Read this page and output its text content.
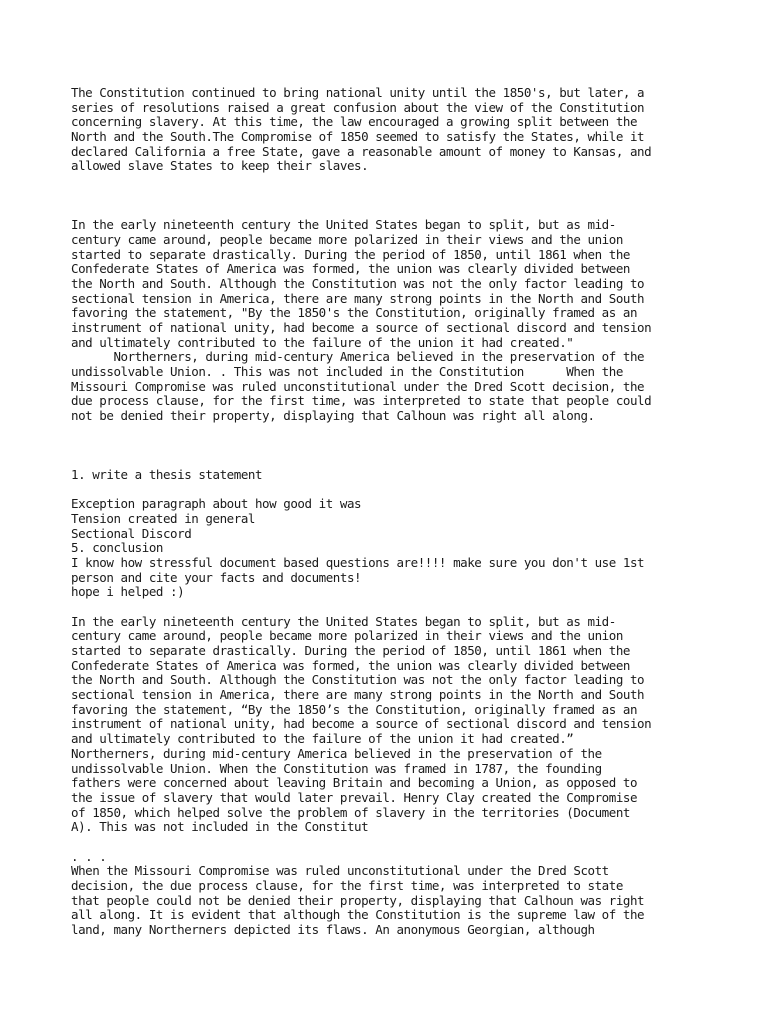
The Constitution continued to bring national unity until the 1850's, but later, a
series of resolutions raised a great confusion about the view of the Constitution
concerning slavery. At this time, the law encouraged a growing split between the
North and the South.The Compromise of 1850 seemed to satisfy the States, while it
declared California a free State, gave a reasonable amount of money to Kansas, and
allowed slave States to keep their slaves.
In the early nineteenth century the United States began to split, but as mid-
century came around, people became more polarized in their views and the union
started to separate drastically. During the period of 1850, until 1861 when the
Confederate States of America was formed, the union was clearly divided between
the North and South. Although the Constitution was not the only factor leading to
sectional tension in America, there are many strong points in the North and South
favoring the statement, "By the 1850's the Constitution, originally framed as an
instrument of national unity, had become a source of sectional discord and tension
and ultimately contributed to the failure of the union it had created."
Northerners, during mid-century America believed in the preservation of the
undissolvable Union. . This was not included in the Constitution      When the
Missouri Compromise was ruled unconstitutional under the Dred Scott decision, the
due process clause, for the first time, was interpreted to state that people could
not be denied their property, displaying that Calhoun was right all along.
1. write a thesis statement
Exception paragraph about how good it was
Tension created in general
Sectional Discord
5. conclusion
I know how stressful document based questions are!!!! make sure you don't use 1st
person and cite your facts and documents!
hope i helped :)
In the early nineteenth century the United States began to split, but as mid-
century came around, people became more polarized in their views and the union
started to separate drastically. During the period of 1850, until 1861 when the
Confederate States of America was formed, the union was clearly divided between
the North and South. Although the Constitution was not the only factor leading to
sectional tension in America, there are many strong points in the North and South
favoring the statement, “By the 1850’s the Constitution, originally framed as an
instrument of national unity, had become a source of sectional discord and tension
and ultimately contributed to the failure of the union it had created.”
Northerners, during mid-century America believed in the preservation of the
undissolvable Union. When the Constitution was framed in 1787, the founding
fathers were concerned about leaving Britain and becoming a Union, as opposed to
the issue of slavery that would later prevail. Henry Clay created the Compromise
of 1850, which helped solve the problem of slavery in the territories (Document
A). This was not included in the Constitut
. . .
When the Missouri Compromise was ruled unconstitutional under the Dred Scott
decision, the due process clause, for the first time, was interpreted to state
that people could not be denied their property, displaying that Calhoun was right
all along. It is evident that although the Constitution is the supreme law of the
land, many Northerners depicted its flaws. An anonymous Georgian, although
